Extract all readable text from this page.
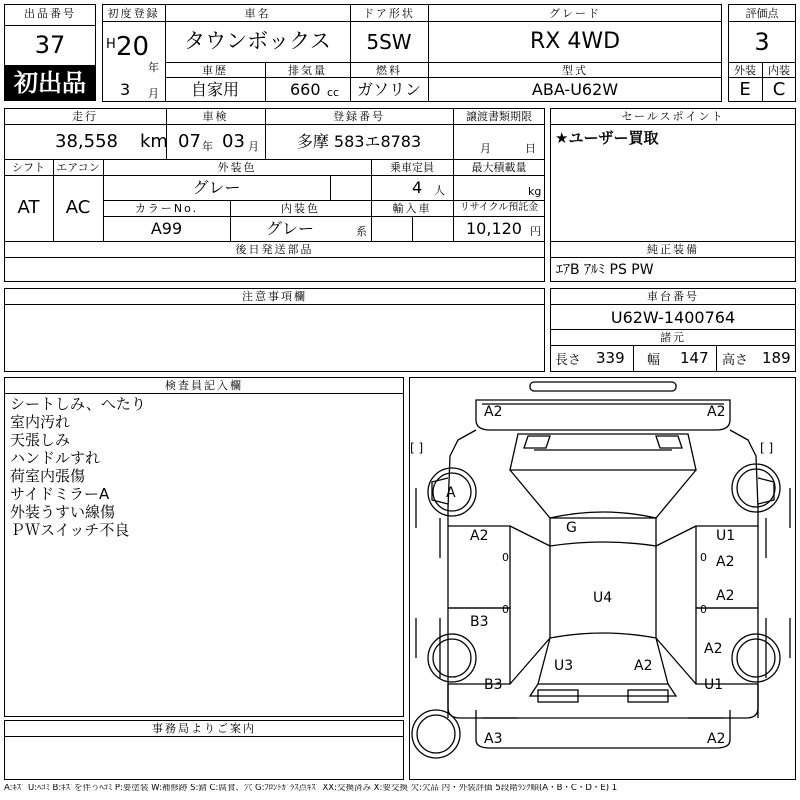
出品番号
37
初出品
初度登録
H 20
年
3 月
車名
タウンボックス
車歴
自家用
排気量
660 cc
ドア形状
5SW
燃料
ガソリン
グレード
RX 4WD
型式
ABA-U62W
評価点
3
外装	内装
E	C
走行
38,558 km
車検
07 年 03 月
登録番号
多摩 583エ8783
譲渡書類期限
月	日
シフト
AT
エアコン
AC
外装色
グレー
乗車定員
4 人
最大積載量
kg
カラーNo.
A99
内装色
グレー	系
輸入車	リサイクル預託金
10,120 円
後日発送部品
セールスポイント
★ユーザー買取
純正装備
ｴｱB ｱﾙﾐ PS PW
注意事項欄	車台番号
U62W-1400764
諸元
長さ 339 幅 147 高さ 189
検査員記入欄
シートしみ、へたり
室内汚れ
天張しみ
ハンドルすれ
荷室内張傷
サイドミラーA
外装うすい線傷
ＰＷスイッチ不良
事務局よりご案内
A2	A2
A
G
A2	U1
A2
U4	A2
B3
A2
U3	A2
B3	U1
A3	A2
[ ]	[ ]
0	0
0	0
A:ｷｽﾞ U:ﾍｺﾐ B:ｷｽﾞを伴うﾍｺﾐ P:要塗装 W:補修跡 S:錆 C:腐食、穴 G:ﾌﾛﾝﾄｶﾞﾗｽ点ｷｽﾞ XX:交換済み X:要交換 欠:欠品 内・外装評価 5段階ﾗﾝｸ順(A・B・C・D・E) 1
